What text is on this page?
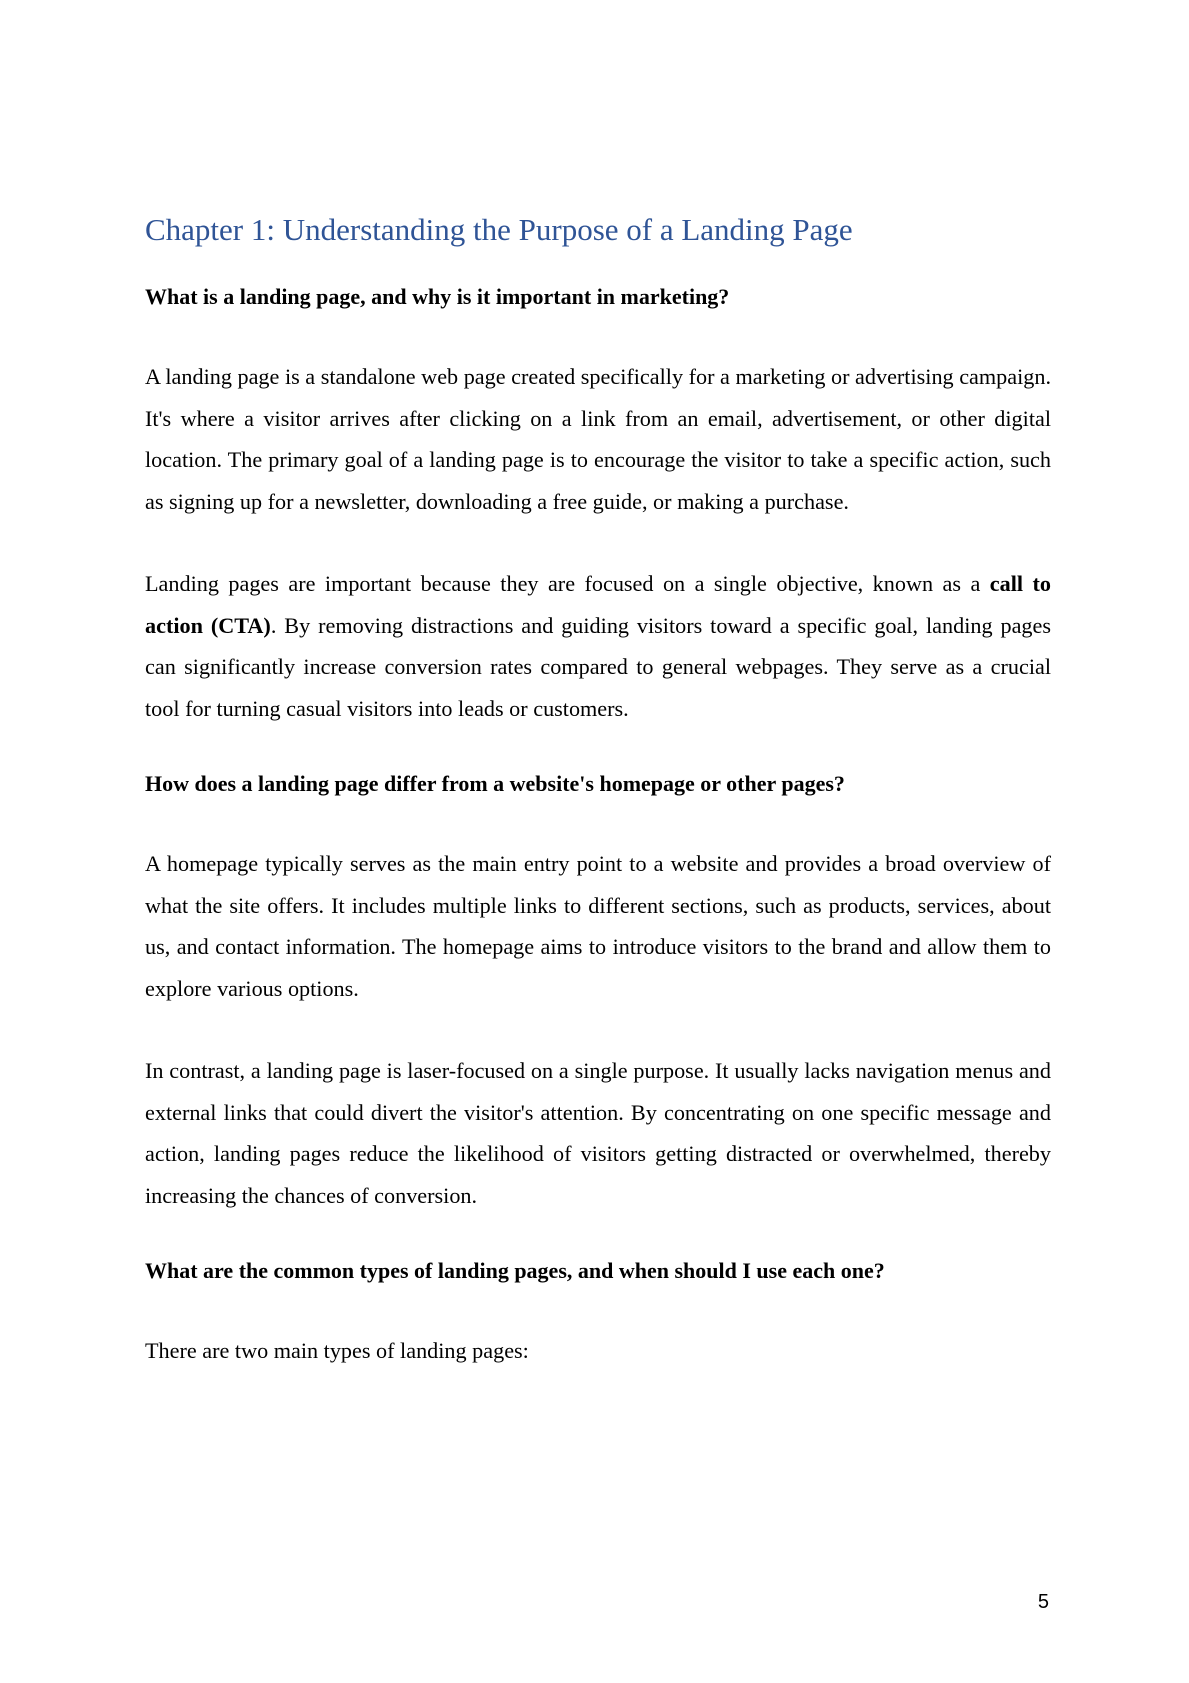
Chapter 1: Understanding the Purpose of a Landing Page
What is a landing page, and why is it important in marketing?

A landing page is a standalone web page created specifically for a marketing or advertising campaign. It's where a visitor arrives after clicking on a link from an email, advertisement, or other digital location. The primary goal of a landing page is to encourage the visitor to take a specific action, such as signing up for a newsletter, downloading a free guide, or making a purchase.

Landing pages are important because they are focused on a single objective, known as a call to action (CTA). By removing distractions and guiding visitors toward a specific goal, landing pages can significantly increase conversion rates compared to general webpages. They serve as a crucial tool for turning casual visitors into leads or customers.

How does a landing page differ from a website's homepage or other pages?

A homepage typically serves as the main entry point to a website and provides a broad overview of what the site offers. It includes multiple links to different sections, such as products, services, about us, and contact information. The homepage aims to introduce visitors to the brand and allow them to explore various options.

In contrast, a landing page is laser-focused on a single purpose. It usually lacks navigation menus and external links that could divert the visitor's attention. By concentrating on one specific message and action, landing pages reduce the likelihood of visitors getting distracted or overwhelmed, thereby increasing the chances of conversion.

What are the common types of landing pages, and when should I use each one?

There are two main types of landing pages:

5
